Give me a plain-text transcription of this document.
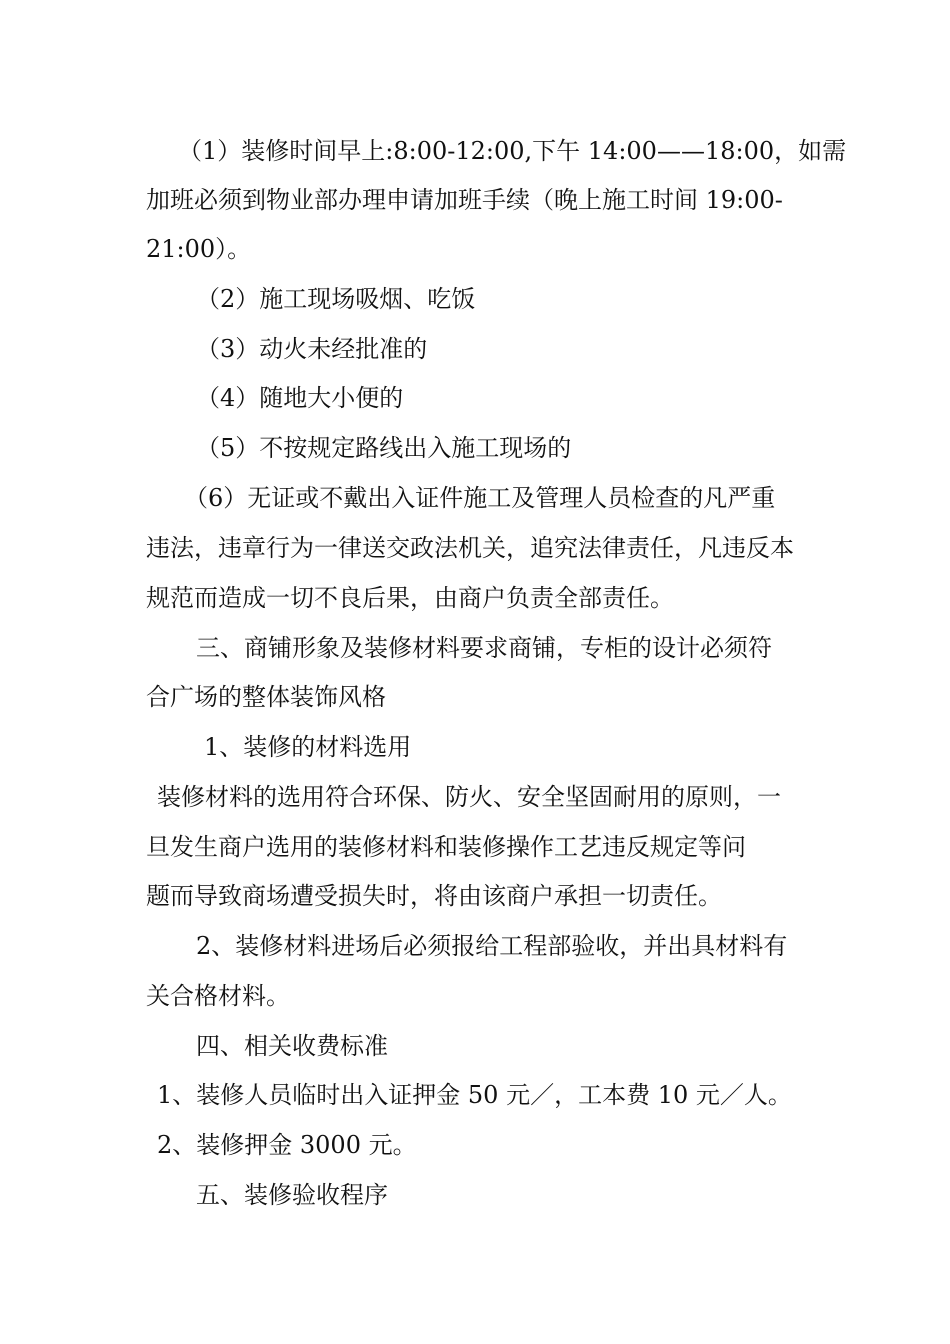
（1）装修时间早上:8:00-12:00,下午 14:00——18:00，如需
加班必须到物业部办理申请加班手续（晚上施工时间 19:00-
21:00）。
（2）施工现场吸烟、吃饭
（3）动火未经批准的
（4）随地大小便的
（5）不按规定路线出入施工现场的
（6）无证或不戴出入证件施工及管理人员检查的凡严重
违法，违章行为一律送交政法机关，追究法律责任，凡违反本
规范而造成一切不良后果，由商户负责全部责任。
三、商铺形象及装修材料要求商铺，专柜的设计必须符
合广场的整体装饰风格
1、装修的材料选用
装修材料的选用符合环保、防火、安全坚固耐用的原则，一
旦发生商户选用的装修材料和装修操作工艺违反规定等问
题而导致商场遭受损失时，将由该商户承担一切责任。
2、装修材料进场后必须报给工程部验收，并出具材料有
关合格材料。
四、相关收费标准
1、装修人员临时出入证押金 50 元／，工本费 10 元／人。
2、装修押金 3000 元。
五、装修验收程序
